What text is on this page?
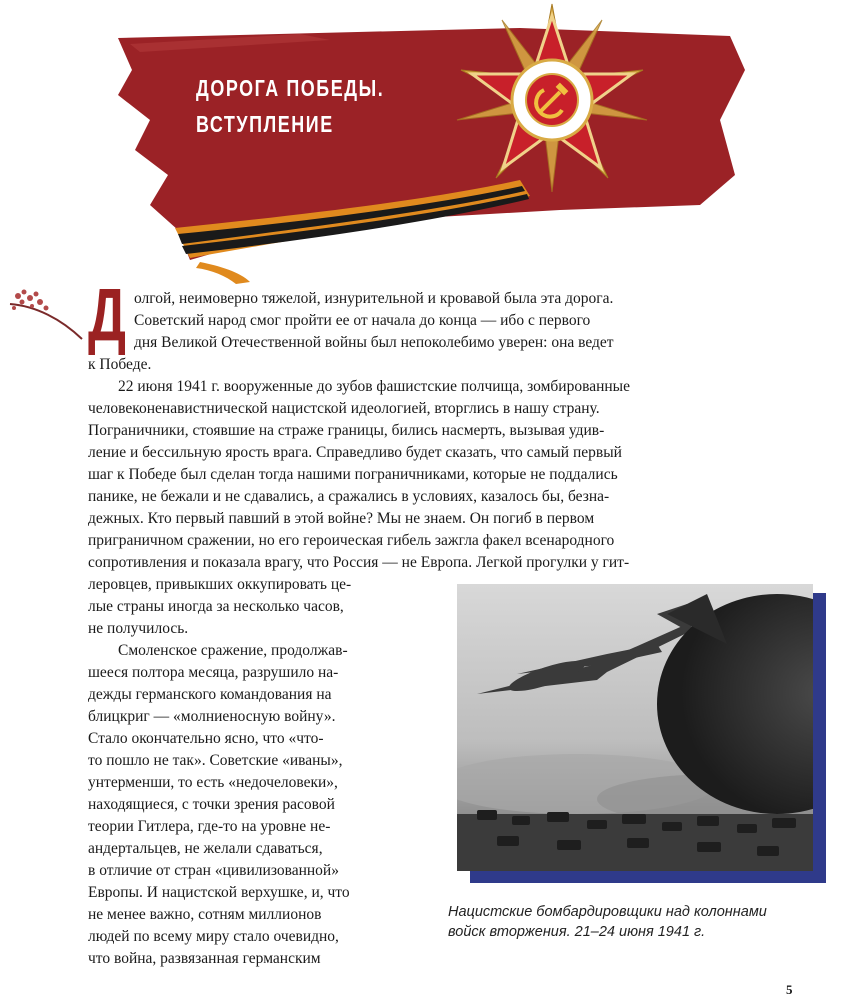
ДОРОГА ПОБЕДЫ.
ВСТУПЛЕНИЕ
Д олгой, неимоверно тяжелой, изнурительной и кровавой была эта дорога.
Советский народ смог пройти ее от начала до конца — ибо с первого
дня Великой Отечественной войны был непоколебимо уверен: она ведет
к Победе.
22 июня 1941 г. вооруженные до зубов фашистские полчища, зомбированные
человеконенавистнической нацистской идеологией, вторглись в нашу страну.
Пограничники, стоявшие на страже границы, бились насмерть, вызывая удив-
ление и бессильную ярость врага. Справедливо будет сказать, что самый первый
шаг к Победе был сделан тогда нашими пограничниками, которые не поддались
панике, не бежали и не сдавались, а сражались в условиях, казалось бы, безна-
дежных. Кто первый павший в этой войне? Мы не знаем. Он погиб в первом
приграничном сражении, но его героическая гибель зажгла факел всенародного
сопротивления и показала врагу, что Россия — не Европа. Легкой прогулки у гит-
леровцев, привыкших оккупировать це-
лые страны иногда за несколько часов,
не получилось.
Смоленское сражение, продолжав-
шееся полтора месяца, разрушило на-
дежды германского командования на
блицкриг — «молниеносную войну».
Стало окончательно ясно, что «что-
то пошло не так». Советские «иваны»,
унтерменши, то есть «недочеловеки»,
находящиеся, с точки зрения расовой
теории Гитлера, где-то на уровне не-
андертальцев, не желали сдаваться,
в отличие от стран «цивилизованной»
Европы. И нацистской верхушке, и, что
не менее важно, сотням миллионов
людей по всему миру стало очевидно,
что война, развязанная германским
Нацистские бомбардировщики над колоннами
войск вторжения. 21–24 июня 1941 г.
5
